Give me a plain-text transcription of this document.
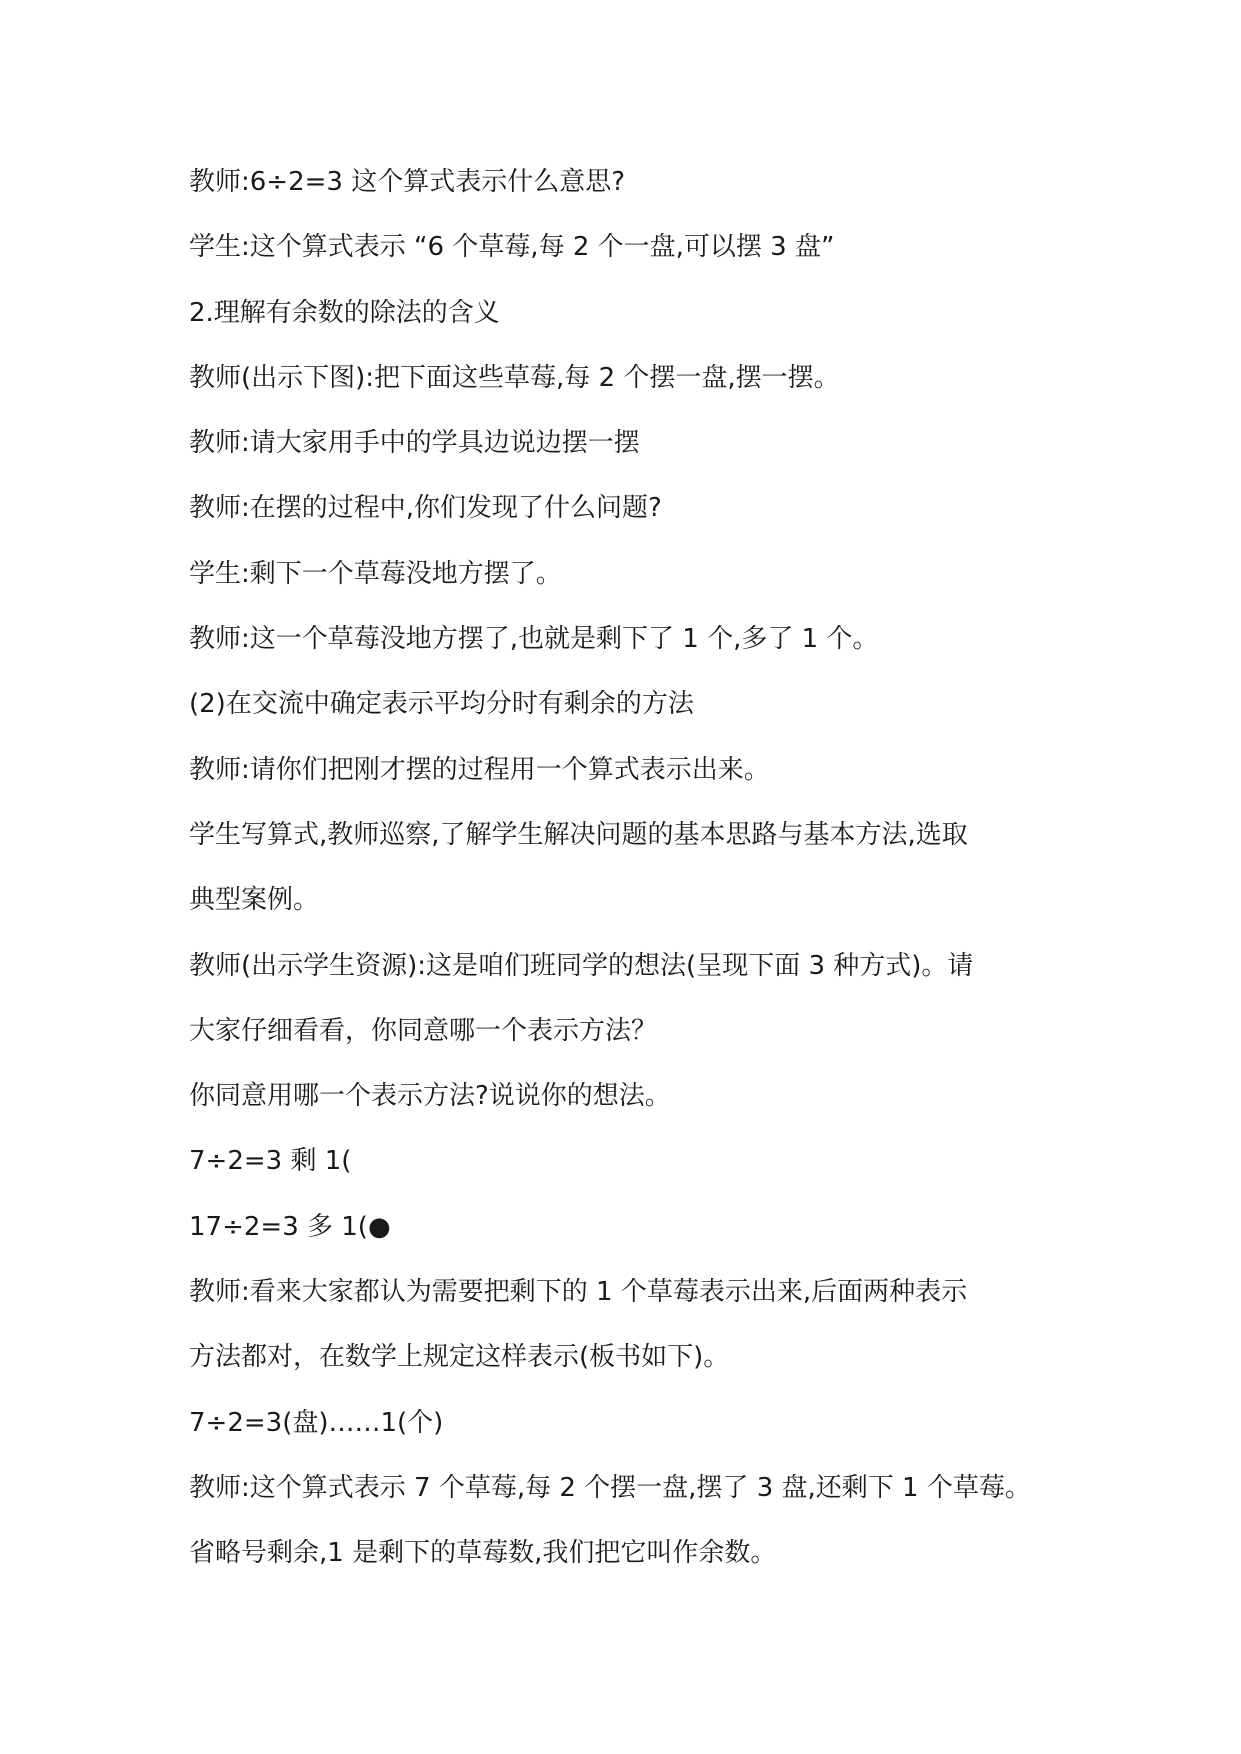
教师:6÷2=3 这个算式表示什么意思?

学生:这个算式表示 “6 个草莓,每 2 个一盘,可以摆 3 盘”

2.理解有余数的除法的含义

教师(出示下图):把下面这些草莓,每 2 个摆一盘,摆一摆。

教师:请大家用手中的学具边说边摆一摆

教师:在摆的过程中,你们发现了什么问题?

学生:剩下一个草莓没地方摆了。

教师:这一个草莓没地方摆了,也就是剩下了 1 个,多了 1 个。

(2)在交流中确定表示平均分时有剩余的方法

教师:请你们把刚才摆的过程用一个算式表示出来。

学生写算式,教师巡察,了解学生解决问题的基本思路与基本方法,选取

典型案例。

教师(出示学生资源):这是咱们班同学的想法(呈现下面 3 种方式)。请

大家仔细看看，你同意哪一个表示方法？

你同意用哪一个表示方法?说说你的想法。

7÷2=3 剩 1(

17÷2=3 多 1(●

教师:看来大家都认为需要把剩下的 1 个草莓表示出来,后面两种表示

方法都对，在数学上规定这样表示(板书如下)。

7÷2=3(盘)……1(个)

教师:这个算式表示 7 个草莓,每 2 个摆一盘,摆了 3 盘,还剩下 1 个草莓。

省略号剩余,1 是剩下的草莓数,我们把它叫作余数。
